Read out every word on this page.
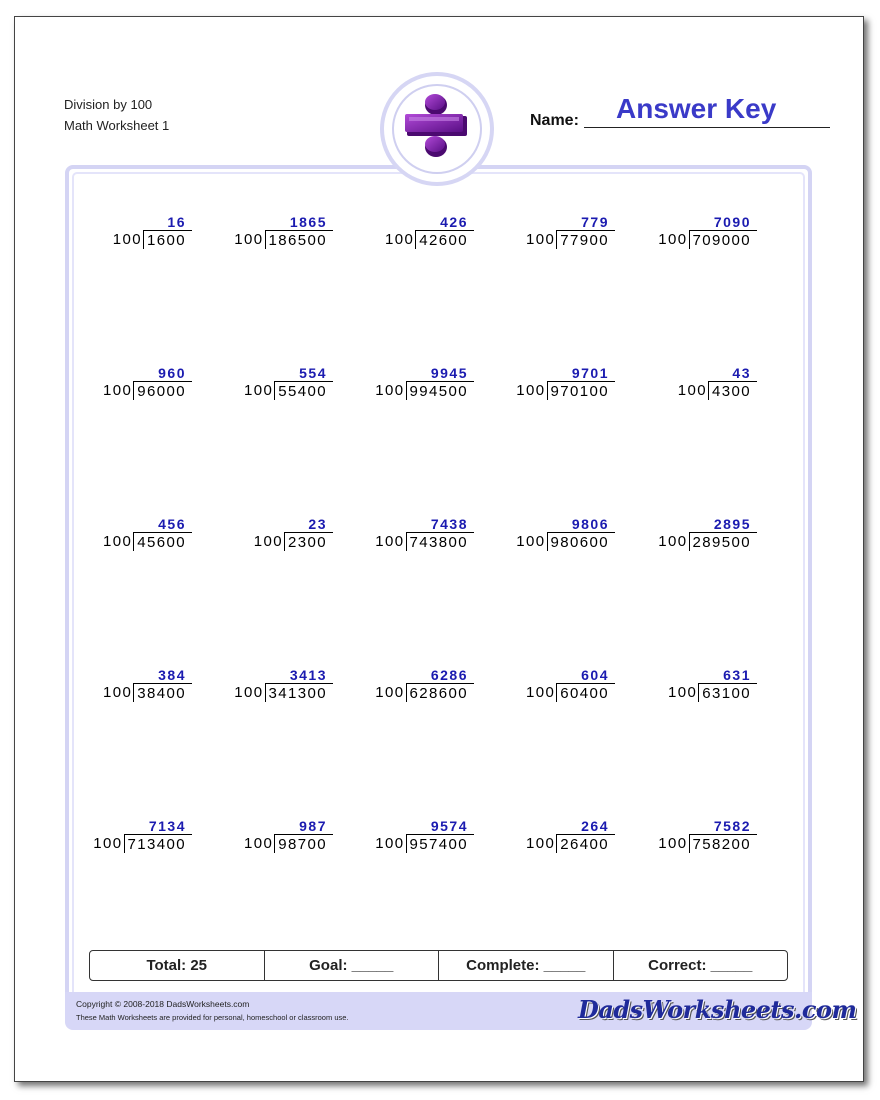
Division by 100
Math Worksheet 1	Name: Answer Key
16
100 1600
1865
100 186500
426
100 42600
779
100 77900
7090
100 709000
960
100 96000
554
100 55400
9945
100 994500
9701
100 970100
43
100 4300
456
100 45600
23
100 2300
7438
100 743800
9806
100 980600
2895
100 289500
384
100 38400
3413
100 341300
6286
100 628600
604
100 60400
631
100 63100
7134
100 713400
987
100 98700
9574
100 957400
264
100 26400
7582
100 758200
Total: 25	Goal: _____	Complete: _____	Correct: _____
Copyright © 2008-2018 DadsWorksheets.com
These Math Worksheets are provided for personal, homeschool or classroom use.	DadsWorksheets.com
